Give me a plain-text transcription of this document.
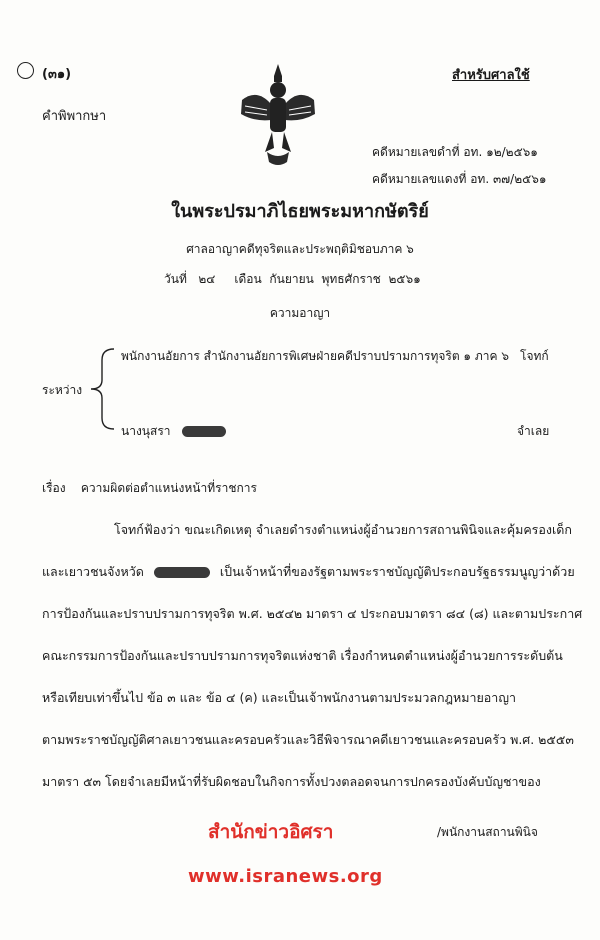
(๓๑)	สำหรับศาลใช้
คำพิพากษา
คดีหมายเลขดำที่ อท. ๑๒/๒๕๖๑
คดีหมายเลขแดงที่ อท. ๓๗/๒๕๖๑
ในพระปรมาภิไธยพระมหากษัตริย์
ศาลอาญาคดีทุจริตและประพฤติมิชอบภาค ๖
วันที่ ๒๔ เดือน กันยายน พุทธศักราช ๒๕๖๑
ความอาญา
ระหว่าง
พนักงานอัยการ สำนักงานอัยการพิเศษฝ่ายคดีปราบปรามการทุจริต ๑ ภาค ๖ โจทก์
นางนุสรา	จำเลย
เรื่อง ความผิดต่อตำแหน่งหน้าที่ราชการ
โจทก์ฟ้องว่า ขณะเกิดเหตุ จำเลยดำรงตำแหน่งผู้อำนวยการสถานพินิจและคุ้มครองเด็ก
และเยาวชนจังหวัด	เป็นเจ้าหน้าที่ของรัฐตามพระราชบัญญัติประกอบรัฐธรรมนูญว่าด้วย
การป้องกันและปราบปรามการทุจริต พ.ศ. ๒๕๔๒ มาตรา ๔ ประกอบมาตรา ๘๔ (๘) และตามประกาศ
คณะกรรมการป้องกันและปราบปรามการทุจริตแห่งชาติ เรื่องกำหนดตำแหน่งผู้อำนวยการระดับต้น
หรือเทียบเท่าขึ้นไป ข้อ ๓ และ ข้อ ๔ (ค) และเป็นเจ้าพนักงานตามประมวลกฎหมายอาญา
ตามพระราชบัญญัติศาลเยาวชนและครอบครัวและวิธีพิจารณาคดีเยาวชนและครอบครัว พ.ศ. ๒๕๕๓
มาตรา ๕๓ โดยจำเลยมีหน้าที่รับผิดชอบในกิจการทั้งปวงตลอดจนการปกครองบังคับบัญชาของ
สำนักข่าวอิศรา	/พนักงานสถานพินิจ
www.isranews.org
